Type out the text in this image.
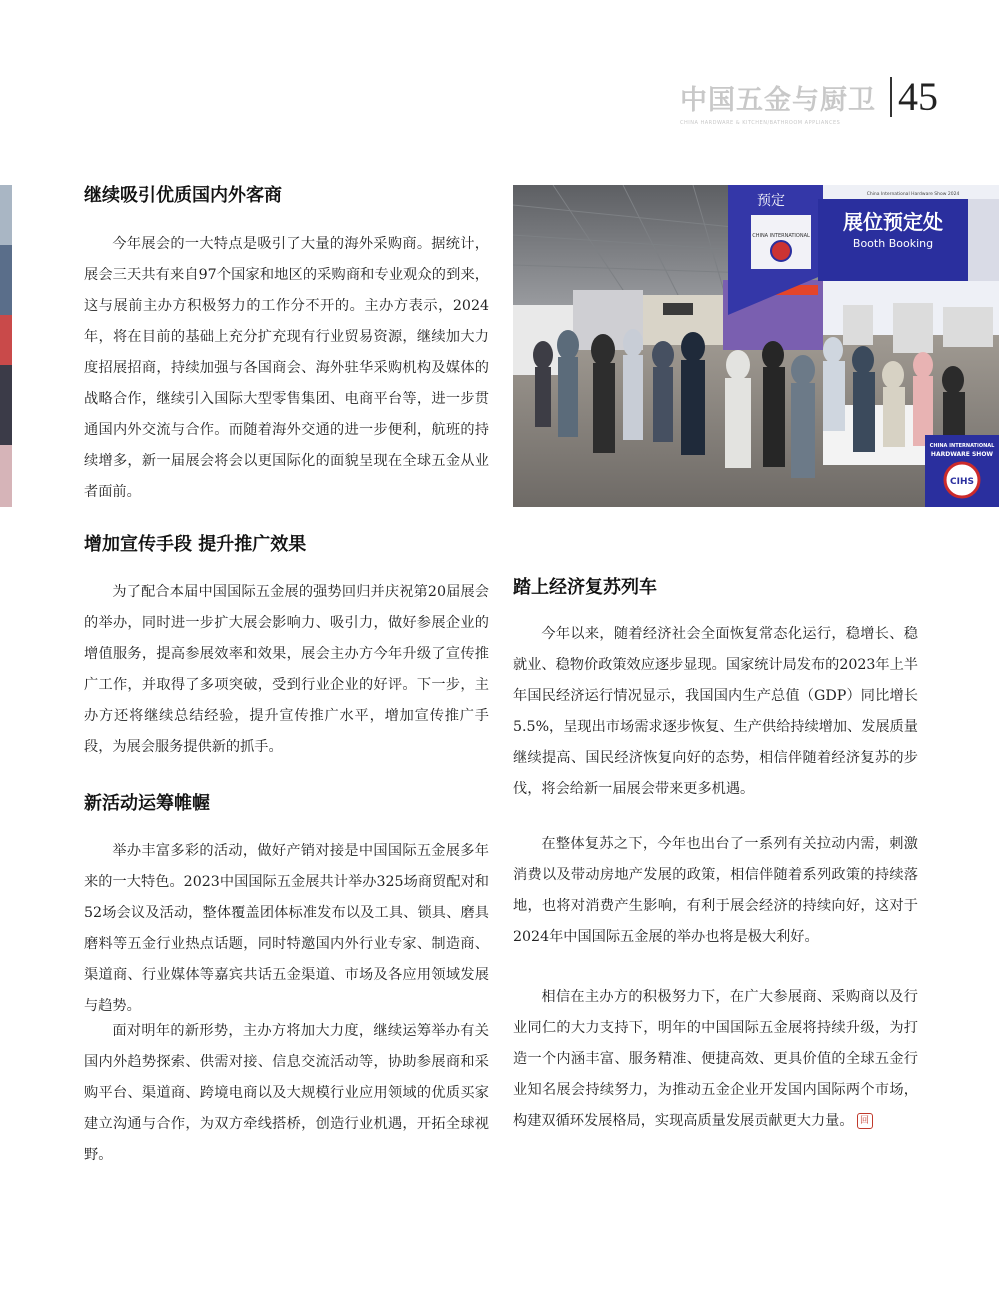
中国五金与厨卫
CHINA HARDWARE & KITCHEN/BATHROOM APPLIANCES
45
继续吸引优质国内外客商

今年展会的一大特点是吸引了大量的海外采购商。据统计，展会三天共有来自97个国家和地区的采购商和专业观众的到来，这与展前主办方积极努力的工作分不开的。主办方表示，2024年，将在目前的基础上充分扩充现有行业贸易资源，继续加大力度招展招商，持续加强与各国商会、海外驻华采购机构及媒体的战略合作，继续引入国际大型零售集团、电商平台等，进一步贯通国内外交流与合作。而随着海外交通的进一步便利，航班的持续增多，新一届展会将会以更国际化的面貌呈现在全球五金从业者面前。

增加宣传手段 提升推广效果

为了配合本届中国国际五金展的强势回归并庆祝第20届展会的举办，同时进一步扩大展会影响力、吸引力，做好参展企业的增值服务，提高参展效率和效果，展会主办方今年升级了宣传推广工作，并取得了多项突破，受到行业企业的好评。下一步，主办方还将继续总结经验，提升宣传推广水平，增加宣传推广手段，为展会服务提供新的抓手。

新活动运筹帷幄

举办丰富多彩的活动，做好产销对接是中国国际五金展多年来的一大特色。2023中国国际五金展共计举办325场商贸配对和52场会议及活动，整体覆盖团体标准发布以及工具、锁具、磨具磨料等五金行业热点话题，同时特邀国内外行业专家、制造商、渠道商、行业媒体等嘉宾共话五金渠道、市场及各应用领域发展与趋势。

面对明年的新形势，主办方将加大力度，继续运筹举办有关国内外趋势探索、供需对接、信息交流活动等，协助参展商和采购平台、渠道商、跨境电商以及大规模行业应用领域的优质买家建立沟通与合作，为双方牵线搭桥，创造行业机遇，开拓全球视野。

预定
CHINA INTERNATIONAL
China International Hardware Show 2024
展位预定处
Booth Booking
CHINA INTERNATIONAL
HARDWARE SHOW
CIHS
踏上经济复苏列车

今年以来，随着经济社会全面恢复常态化运行，稳增长、稳就业、稳物价政策效应逐步显现。国家统计局发布的2023年上半年国民经济运行情况显示，我国国内生产总值（GDP）同比增长5.5%，呈现出市场需求逐步恢复、生产供给持续增加、发展质量继续提高、国民经济恢复向好的态势，相信伴随着经济复苏的步伐，将会给新一届展会带来更多机遇。

在整体复苏之下，今年也出台了一系列有关拉动内需，刺激消费以及带动房地产发展的政策，相信伴随着系列政策的持续落地，也将对消费产生影响，有利于展会经济的持续向好，这对于2024年中国国际五金展的举办也将是极大利好。

相信在主办方的积极努力下，在广大参展商、采购商以及行业同仁的大力支持下，明年的中国国际五金展将持续升级，为打造一个内涵丰富、服务精准、便捷高效、更具价值的全球五金行业知名展会持续努力，为推动五金企业开发国内国际两个市场，构建双循环发展格局，实现高质量发展贡献更大力量。 回
